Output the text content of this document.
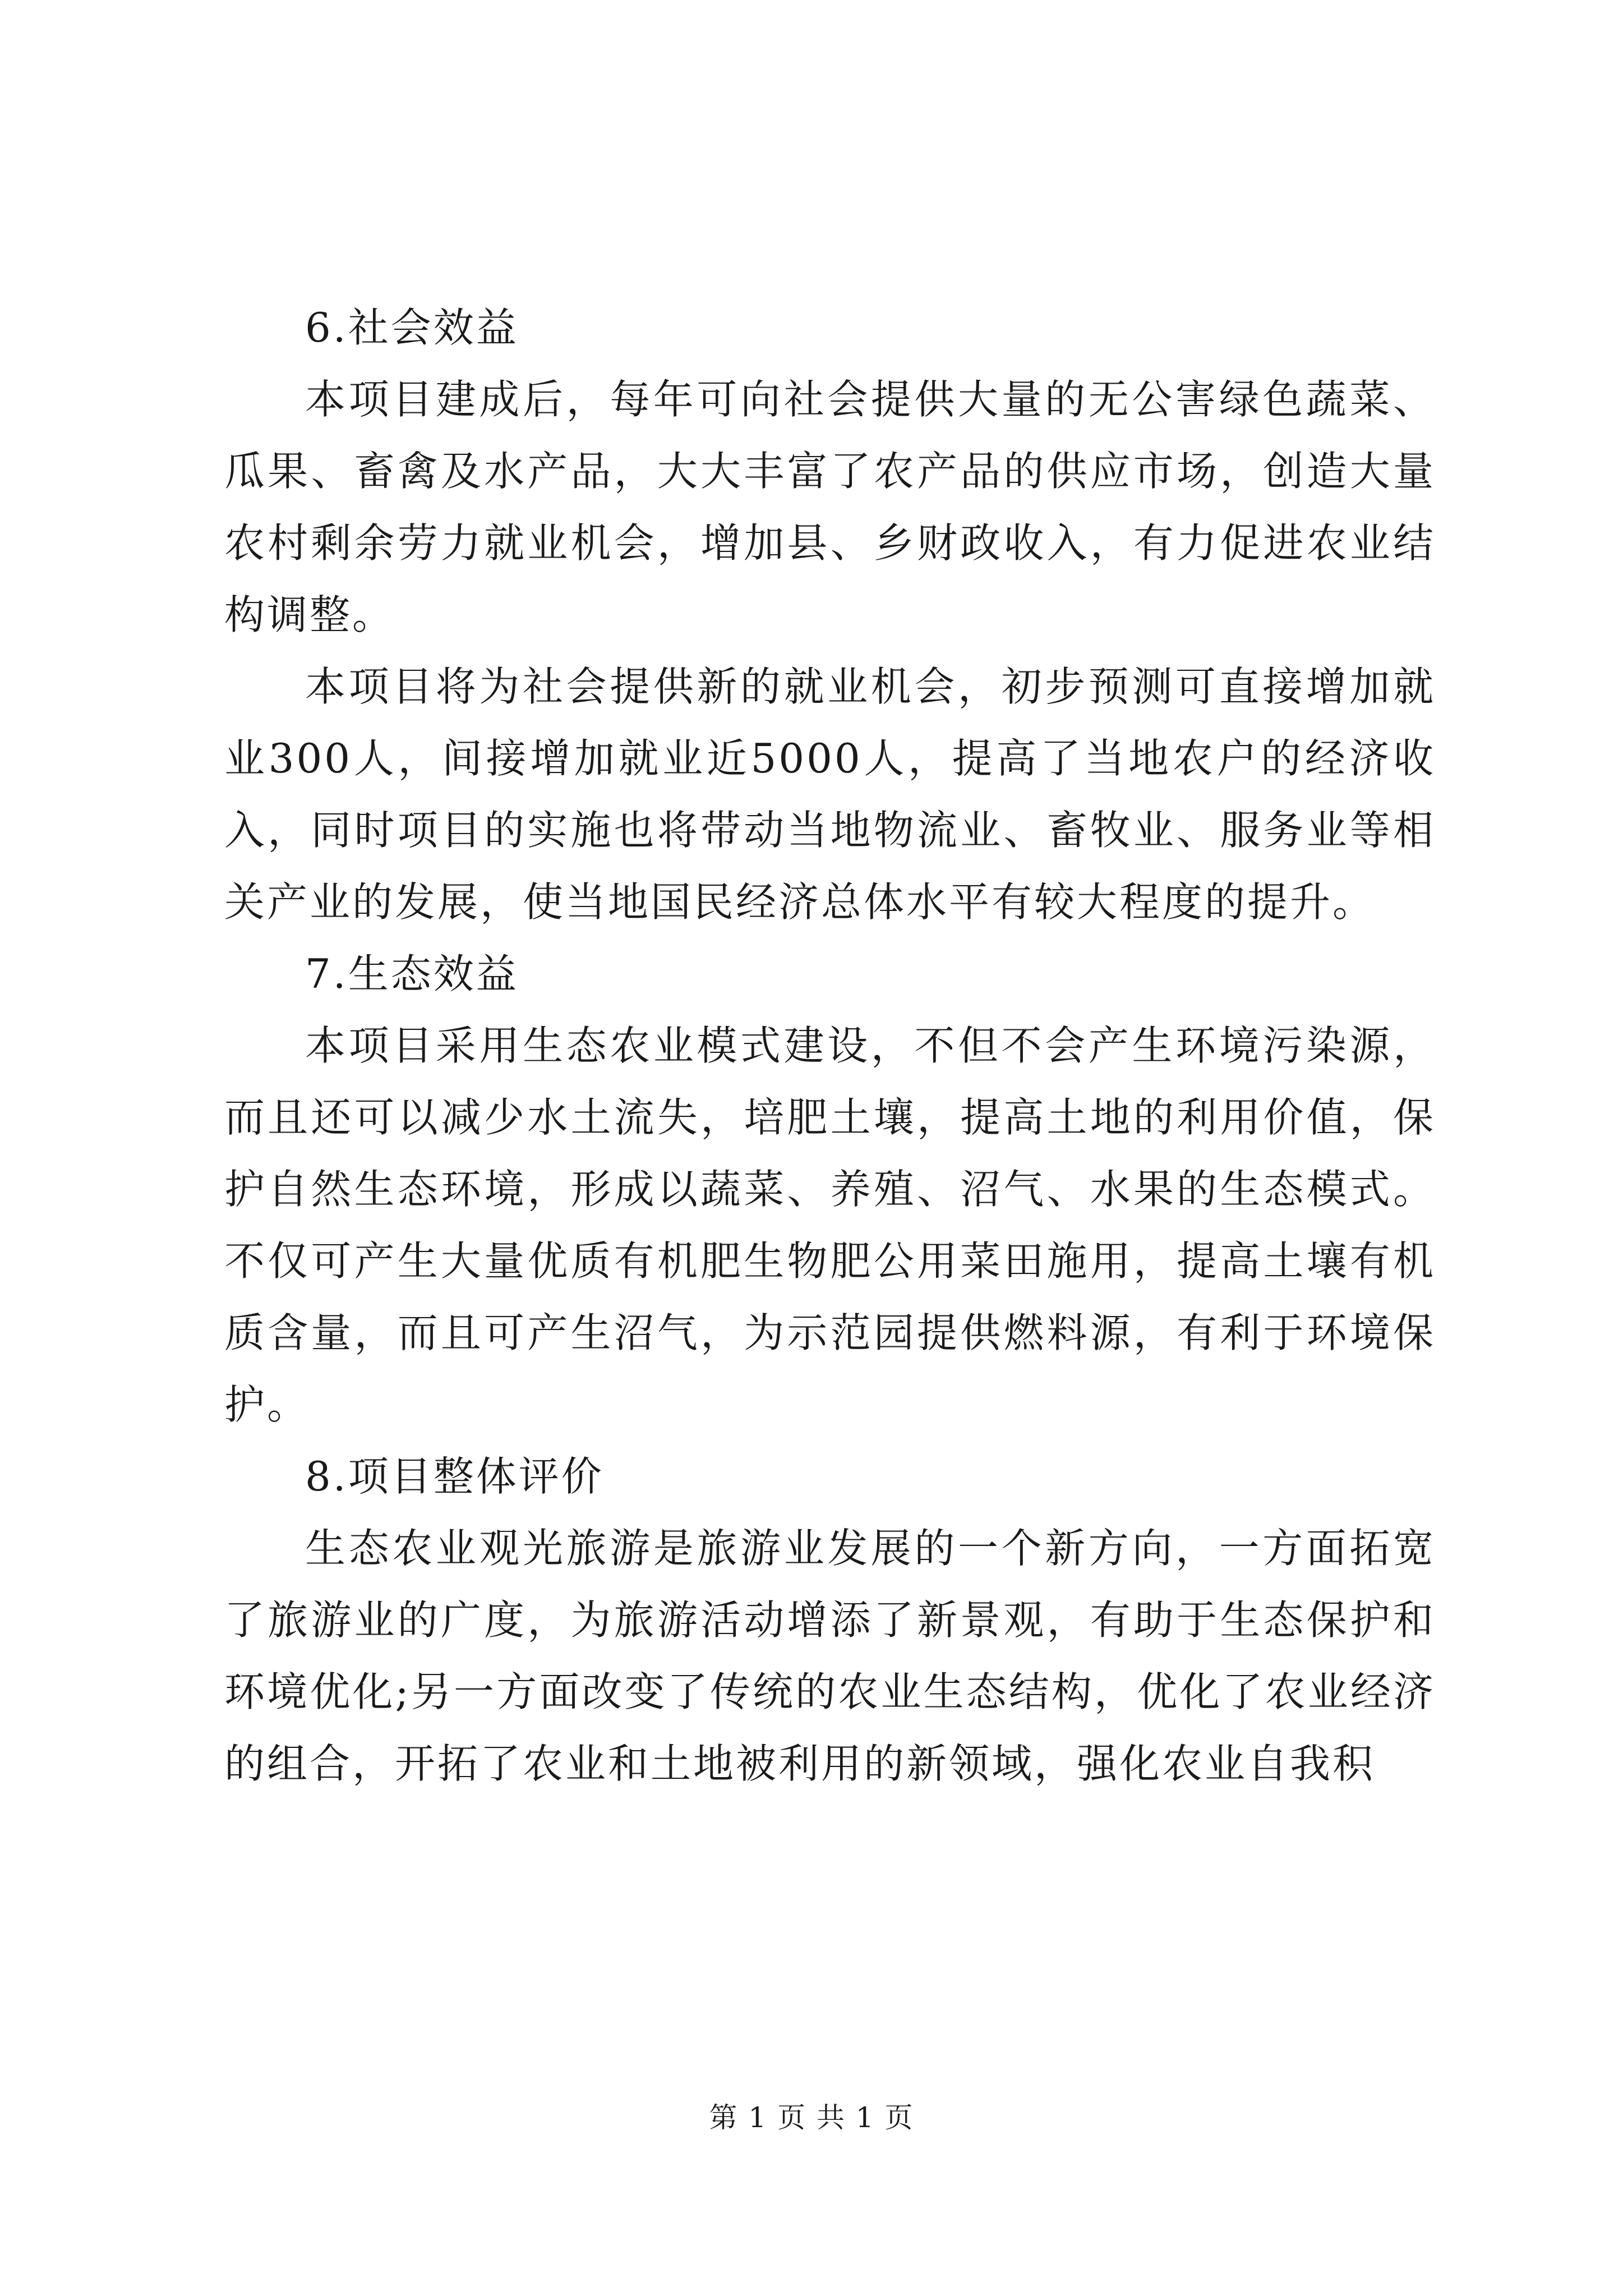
6.社会效益

本项目建成后，每年可向社会提供大量的无公害绿色蔬菜、瓜果、畜禽及水产品，大大丰富了农产品的供应市场，创造大量农村剩余劳力就业机会，增加县、乡财政收入，有力促进农业结构调整。

本项目将为社会提供新的就业机会，初步预测可直接增加就业300人，间接增加就业近5000人，提高了当地农户的经济收入，同时项目的实施也将带动当地物流业、畜牧业、服务业等相关产业的发展，使当地国民经济总体水平有较大程度的提升。

7.生态效益

本项目采用生态农业模式建设，不但不会产生环境污染源，而且还可以减少水土流失，培肥土壤，提高土地的利用价值，保护自然生态环境，形成以蔬菜、养殖、沼气、水果的生态模式。不仅可产生大量优质有机肥生物肥公用菜田施用，提高土壤有机质含量，而且可产生沼气，为示范园提供燃料源，有利于环境保护。

8.项目整体评价

生态农业观光旅游是旅游业发展的一个新方向，一方面拓宽了旅游业的广度，为旅游活动增添了新景观，有助于生态保护和环境优化;另一方面改变了传统的农业生态结构，优化了农业经济的组合，开拓了农业和土地被利用的新领域，强化农业自我积

第 1 页 共 1 页
